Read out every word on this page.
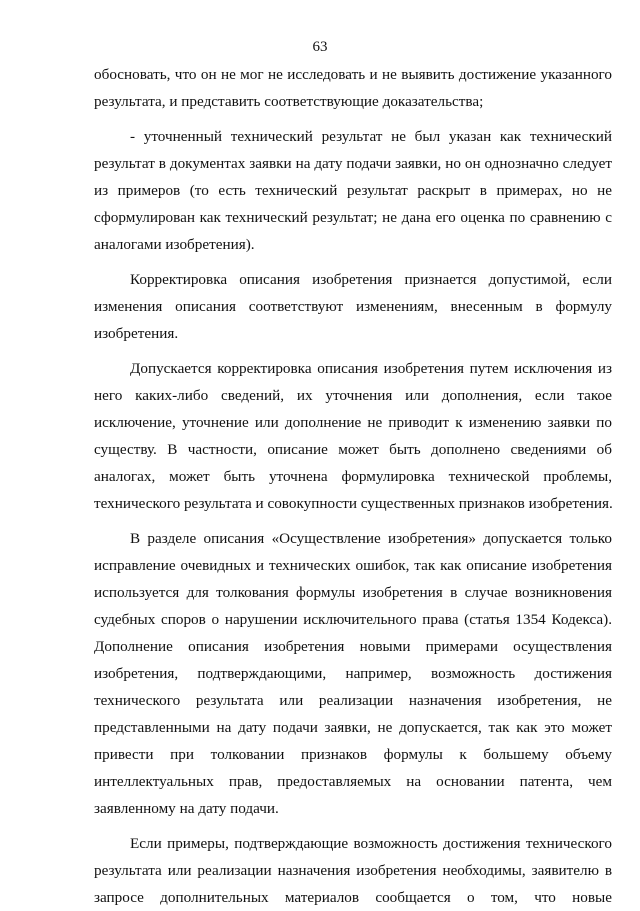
63
обосновать, что он не мог не исследовать и не выявить достижение указанного
результата, и представить соответствующие доказательства;
- уточненный технический результат не был указан как технический
результат в документах заявки на дату подачи заявки, но он однозначно следует
из примеров (то есть технический результат раскрыт в примерах, но не
сформулирован как технический результат; не дана его оценка по сравнению с
аналогами изобретения).
Корректировка описания изобретения признается допустимой, если
изменения описания соответствуют изменениям, внесенным в формулу
изобретения.
Допускается корректировка описания изобретения путем исключения из
него каких-либо сведений, их уточнения или дополнения, если такое
исключение, уточнение или дополнение не приводит к изменению заявки по
существу. В частности, описание может быть дополнено сведениями об
аналогах, может быть уточнена формулировка технической проблемы,
технического результата и совокупности существенных признаков изобретения.
В разделе описания «Осуществление изобретения» допускается только
исправление очевидных и технических ошибок, так как описание изобретения
используется для толкования формулы изобретения в случае возникновения
судебных споров о нарушении исключительного права (статья 1354 Кодекса).
Дополнение описания изобретения новыми примерами осуществления
изобретения, подтверждающими, например, возможность достижения
технического результата или реализации назначения изобретения, не
представленными на дату подачи заявки, не допускается, так как это может
привести при толковании признаков формулы к большему объему
интеллектуальных прав, предоставляемых на основании патента, чем
заявленному на дату подачи.
Если примеры, подтверждающие возможность достижения технического
результата или реализации назначения изобретения необходимы, заявителю в
запросе дополнительных материалов сообщается о том, что новые
